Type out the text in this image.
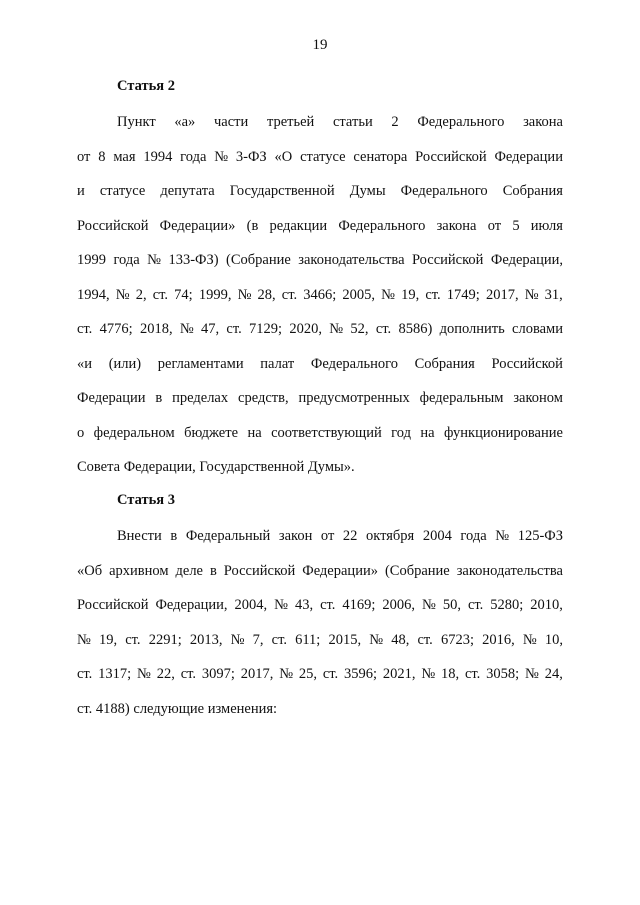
19
Статья 2
Пункт «а» части третьей статьи 2 Федерального закона
от 8 мая 1994 года № 3-ФЗ «О статусе сенатора Российской Федерации
и статусе депутата Государственной Думы Федерального Собрания
Российской Федерации» (в редакции Федерального закона от 5 июля
1999 года № 133-ФЗ) (Собрание законодательства Российской Федерации,
1994, № 2, ст. 74; 1999, № 28, ст. 3466; 2005, № 19, ст. 1749; 2017, № 31,
ст. 4776; 2018, № 47, ст. 7129; 2020, № 52, ст. 8586) дополнить словами
«и (или) регламентами палат Федерального Собрания Российской
Федерации в пределах средств, предусмотренных федеральным законом
о федеральном бюджете на соответствующий год на функционирование
Совета Федерации, Государственной Думы».
Статья 3
Внести в Федеральный закон от 22 октября 2004 года № 125-ФЗ
«Об архивном деле в Российской Федерации» (Собрание законодательства
Российской Федерации, 2004, № 43, ст. 4169; 2006, № 50, ст. 5280; 2010,
№ 19, ст. 2291; 2013, № 7, ст. 611; 2015, № 48, ст. 6723; 2016, № 10,
ст. 1317; № 22, ст. 3097; 2017, № 25, ст. 3596; 2021, № 18, ст. 3058; № 24,
ст. 4188) следующие изменения:
